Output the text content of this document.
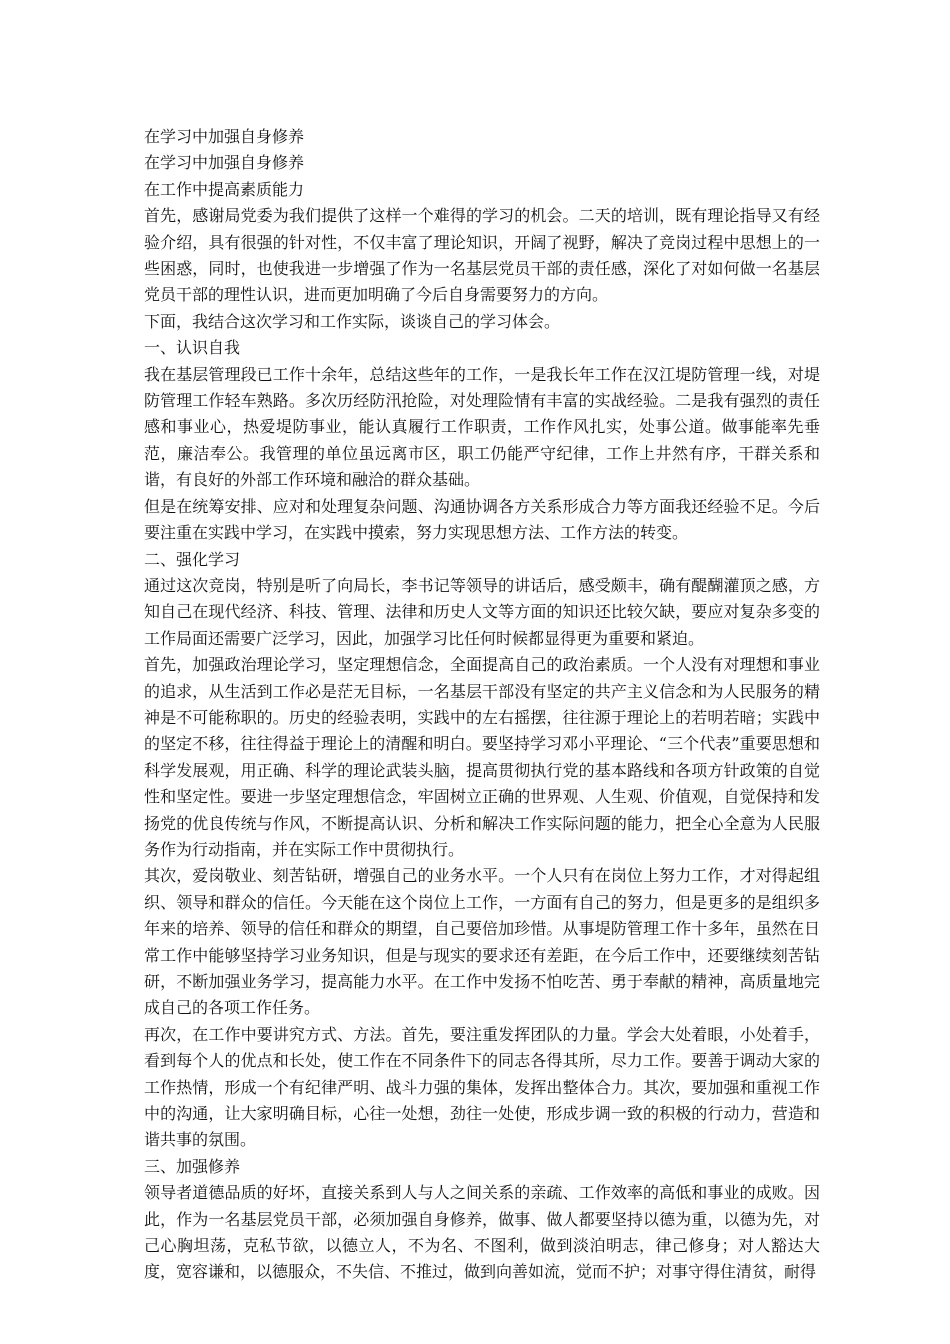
在学习中加强自身修养

在学习中加强自身修养

在工作中提高素质能力

首先，感谢局党委为我们提供了这样一个难得的学习的机会。二天的培训，既有理论指导又有经验介绍，具有很强的针对性，不仅丰富了理论知识，开阔了视野，解决了竞岗过程中思想上的一些困惑，同时，也使我进一步增强了作为一名基层党员干部的责任感，深化了对如何做一名基层党员干部的理性认识，进而更加明确了今后自身需要努力的方向。

下面，我结合这次学习和工作实际，谈谈自己的学习体会。

一、认识自我

我在基层管理段已工作十余年，总结这些年的工作，一是我长年工作在汉江堤防管理一线，对堤防管理工作轻车熟路。多次历经防汛抢险，对处理险情有丰富的实战经验。二是我有强烈的责任感和事业心，热爱堤防事业，能认真履行工作职责，工作作风扎实，处事公道。做事能率先垂范，廉洁奉公。我管理的单位虽远离市区，职工仍能严守纪律，工作上井然有序，干群关系和谐，有良好的外部工作环境和融洽的群众基础。

但是在统筹安排、应对和处理复杂问题、沟通协调各方关系形成合力等方面我还经验不足。今后要注重在实践中学习，在实践中摸索，努力实现思想方法、工作方法的转变。

二、强化学习

通过这次竞岗，特别是听了向局长，李书记等领导的讲话后，感受颇丰，确有醍醐灌顶之感，方知自己在现代经济、科技、管理、法律和历史人文等方面的知识还比较欠缺，要应对复杂多变的工作局面还需要广泛学习，因此，加强学习比任何时候都显得更为重要和紧迫。

首先，加强政治理论学习，坚定理想信念，全面提高自己的政治素质。一个人没有对理想和事业的追求，从生活到工作必是茫无目标，一名基层干部没有坚定的共产主义信念和为人民服务的精神是不可能称职的。历史的经验表明，实践中的左右摇摆，往往源于理论上的若明若暗；实践中的坚定不移，往往得益于理论上的清醒和明白。要坚持学习邓小平理论、“三个代表”重要思想和科学发展观，用正确、科学的理论武装头脑，提高贯彻执行党的基本路线和各项方针政策的自觉性和坚定性。要进一步坚定理想信念，牢固树立正确的世界观、人生观、价值观，自觉保持和发扬党的优良传统与作风，不断提高认识、分析和解决工作实际问题的能力，把全心全意为人民服务作为行动指南，并在实际工作中贯彻执行。

其次，爱岗敬业、刻苦钻研，增强自己的业务水平。一个人只有在岗位上努力工作，才对得起组织、领导和群众的信任。今天能在这个岗位上工作，一方面有自己的努力，但是更多的是组织多年来的培养、领导的信任和群众的期望，自己要倍加珍惜。从事堤防管理工作十多年，虽然在日常工作中能够坚持学习业务知识，但是与现实的要求还有差距，在今后工作中，还要继续刻苦钻研，不断加强业务学习，提高能力水平。在工作中发扬不怕吃苦、勇于奉献的精神，高质量地完成自己的各项工作任务。

再次，在工作中要讲究方式、方法。首先，要注重发挥团队的力量。学会大处着眼，小处着手，看到每个人的优点和长处，使工作在不同条件下的同志各得其所，尽力工作。要善于调动大家的工作热情，形成一个有纪律严明、战斗力强的集体，发挥出整体合力。其次，要加强和重视工作中的沟通，让大家明确目标，心往一处想，劲往一处使，形成步调一致的积极的行动力，营造和谐共事的氛围。

三、加强修养

领导者道德品质的好坏，直接关系到人与人之间关系的亲疏、工作效率的高低和事业的成败。因此，作为一名基层党员干部，必须加强自身修养，做事、做人都要坚持以德为重，以德为先，对己心胸坦荡，克私节欲，以德立人，不为名、不图利，做到淡泊明志，律己修身；对人豁达大度，宽容谦和，以德服众，不失信、不推过，做到向善如流，觉而不护；对事守得住清贫，耐得
